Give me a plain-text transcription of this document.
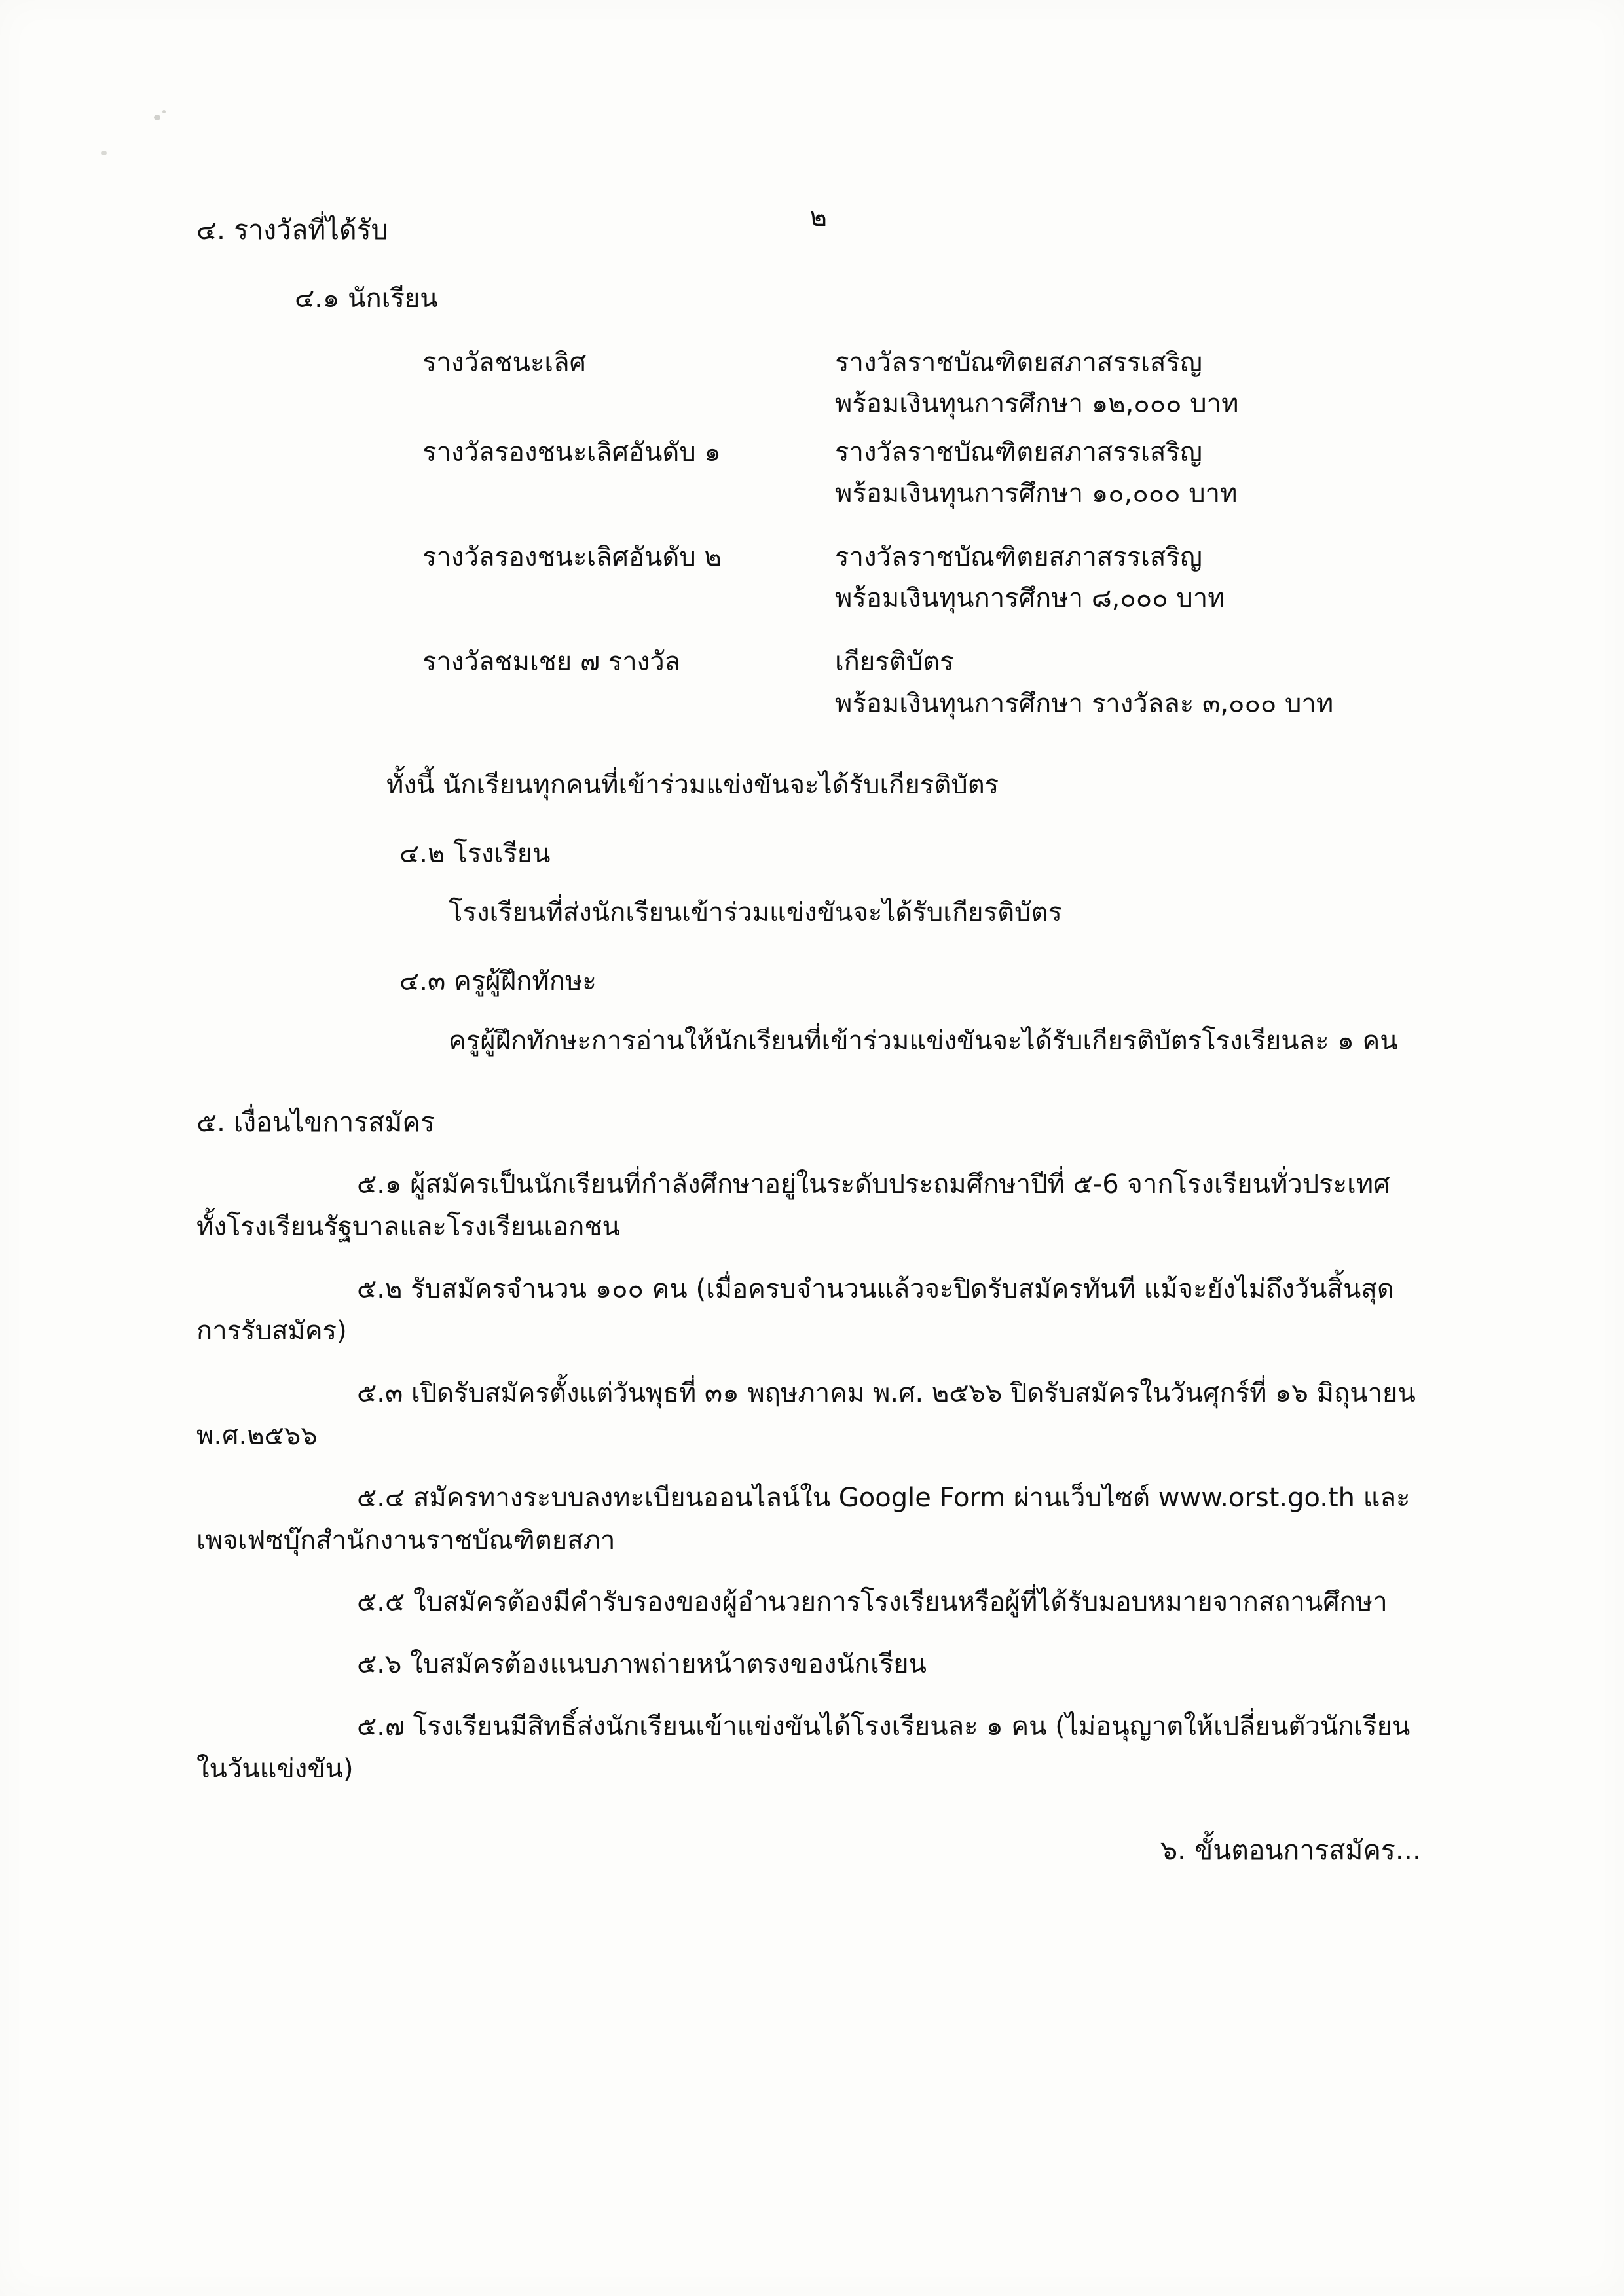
๒
๔. รางวัลที่ได้รับ
๔.๑ นักเรียน
รางวัลชนะเลิศ	รางวัลราชบัณฑิตยสภาสรรเสริญ
พร้อมเงินทุนการศึกษา ๑๒,๐๐๐ บาท

รางวัลรองชนะเลิศอันดับ ๑	รางวัลราชบัณฑิตยสภาสรรเสริญ
พร้อมเงินทุนการศึกษา ๑๐,๐๐๐ บาท

รางวัลรองชนะเลิศอันดับ ๒	รางวัลราชบัณฑิตยสภาสรรเสริญ
พร้อมเงินทุนการศึกษา ๘,๐๐๐ บาท

รางวัลชมเชย ๗ รางวัล	เกียรติบัตร
พร้อมเงินทุนการศึกษา รางวัลละ ๓,๐๐๐ บาท
ทั้งนี้ นักเรียนทุกคนที่เข้าร่วมแข่งขันจะได้รับเกียรติบัตร
๔.๒ โรงเรียน
โรงเรียนที่ส่งนักเรียนเข้าร่วมแข่งขันจะได้รับเกียรติบัตร
๔.๓ ครูผู้ฝึกทักษะ
ครูผู้ฝึกทักษะการอ่านให้นักเรียนที่เข้าร่วมแข่งขันจะได้รับเกียรติบัตรโรงเรียนละ ๑ คน
๕. เงื่อนไขการสมัคร
๕.๑ ผู้สมัครเป็นนักเรียนที่กำลังศึกษาอยู่ในระดับประถมศึกษาปีที่ ๕-6 จากโรงเรียนทั่วประเทศ
ทั้งโรงเรียนรัฐบาลและโรงเรียนเอกชน
๕.๒ รับสมัครจำนวน ๑๐๐ คน (เมื่อครบจำนวนแล้วจะปิดรับสมัครทันที แม้จะยังไม่ถึงวันสิ้นสุด
การรับสมัคร)
๕.๓ เปิดรับสมัครตั้งแต่วันพุธที่ ๓๑ พฤษภาคม พ.ศ. ๒๕๖๖ ปิดรับสมัครในวันศุกร์ที่ ๑๖ มิถุนายน
พ.ศ.๒๕๖๖
๕.๔ สมัครทางระบบลงทะเบียนออนไลน์ใน Google Form ผ่านเว็บไซต์ www.orst.go.th และ
เพจเฟซบุ๊กสำนักงานราชบัณฑิตยสภา
๕.๕ ใบสมัครต้องมีคำรับรองของผู้อำนวยการโรงเรียนหรือผู้ที่ได้รับมอบหมายจากสถานศึกษา
๕.๖ ใบสมัครต้องแนบภาพถ่ายหน้าตรงของนักเรียน
๕.๗ โรงเรียนมีสิทธิ์ส่งนักเรียนเข้าแข่งขันได้โรงเรียนละ ๑ คน (ไม่อนุญาตให้เปลี่ยนตัวนักเรียน
ในวันแข่งขัน)
๖. ขั้นตอนการสมัคร...
